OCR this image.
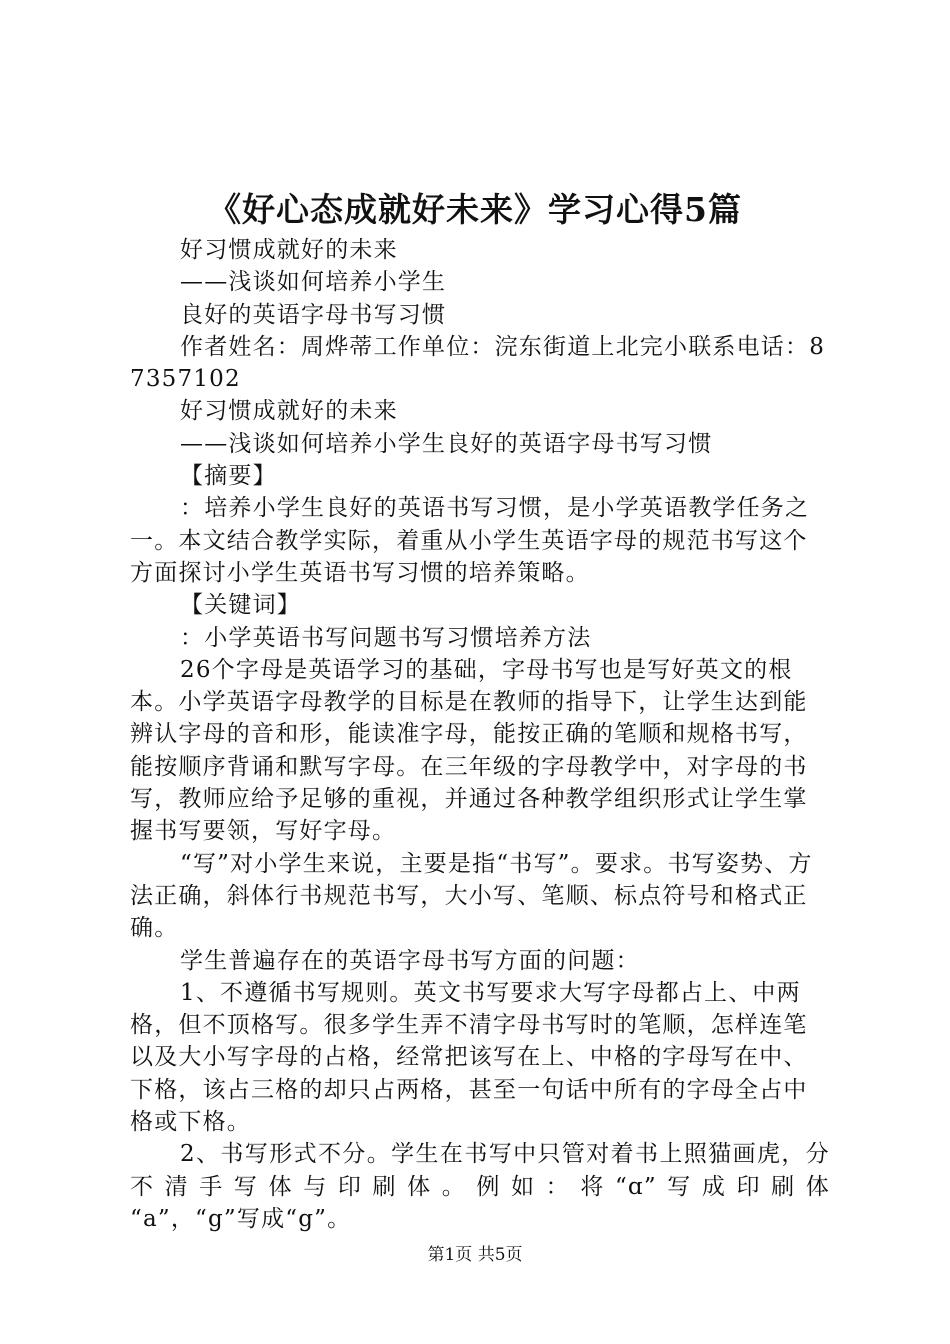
《好心态成就好未来》学习心得5篇

好习惯成就好的未来

——浅谈如何培养小学生

良好的英语字母书写习惯

作者姓名：周烨蒂工作单位：浣东街道上北完小联系电话：87357102

好习惯成就好的未来

——浅谈如何培养小学生良好的英语字母书写习惯

【摘要】

：培养小学生良好的英语书写习惯，是小学英语教学任务之一。本文结合教学实际，着重从小学生英语字母的规范书写这个方面探讨小学生英语书写习惯的培养策略。

【关键词】

：小学英语书写问题书写习惯培养方法

26个字母是英语学习的基础，字母书写也是写好英文的根本。小学英语字母教学的目标是在教师的指导下，让学生达到能辨认字母的音和形，能读准字母，能按正确的笔顺和规格书写，能按顺序背诵和默写字母。在三年级的字母教学中，对字母的书写，教师应给予足够的重视，并通过各种教学组织形式让学生掌握书写要领，写好字母。

“写”对小学生来说，主要是指“书写”。要求。书写姿势、方法正确，斜体行书规范书写，大小写、笔顺、标点符号和格式正确。

学生普遍存在的英语字母书写方面的问题：

1、不遵循书写规则。英文书写要求大写字母都占上、中两格，但不顶格写。很多学生弄不清字母书写时的笔顺，怎样连笔以及大小写字母的占格，经常把该写在上、中格的字母写在中、下格，该占三格的却只占两格，甚至一句话中所有的字母全占中格或下格。

2、书写形式不分。学生在书写中只管对着书上照猫画虎，分不清手写体与印刷体。例如：将“ɑ”写成印刷体

“a”，“g”写成“g”。

第1页 共5页
